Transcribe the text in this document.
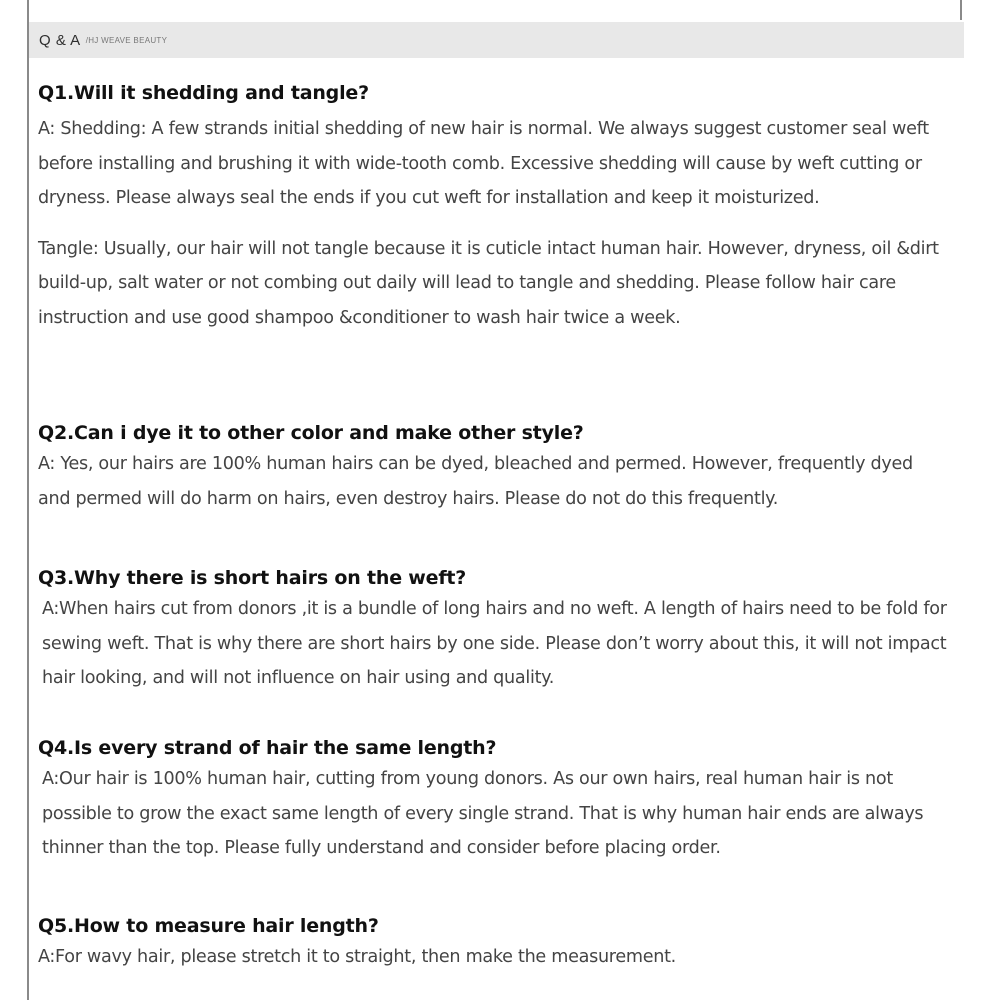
Q & A /HJ WEAVE BEAUTY

Q1.Will it shedding and tangle?

A: Shedding: A few strands initial shedding of new hair is normal. We always suggest customer seal weft before installing and brushing it with wide-tooth comb. Excessive shedding will cause by weft cutting or dryness. Please always seal the ends if you cut weft for installation and keep it moisturized.

Tangle: Usually, our hair will not tangle because it is cuticle intact human hair. However, dryness, oil &dirt build-up, salt water or not combing out daily will lead to tangle and shedding. Please follow hair care instruction and use good shampoo &conditioner to wash hair twice a week.

Q2.Can i dye it to other color and make other style?

A: Yes, our hairs are 100% human hairs can be dyed, bleached and permed. However, frequently dyed and permed will do harm on hairs, even destroy hairs. Please do not do this frequently.

Q3.Why there is short hairs on the weft?

A:When hairs cut from donors ,it is a bundle of long hairs and no weft. A length of hairs need to be fold for sewing weft. That is why there are short hairs by one side. Please don’t worry about this, it will not impact hair looking, and will not influence on hair using and quality.

Q4.Is every strand of hair the same length?

A:Our hair is 100% human hair, cutting from young donors. As our own hairs, real human hair is not possible to grow the exact same length of every single strand. That is why human hair ends are always thinner than the top. Please fully understand and consider before placing order.

Q5.How to measure hair length?

A:For wavy hair, please stretch it to straight, then make the measurement.
